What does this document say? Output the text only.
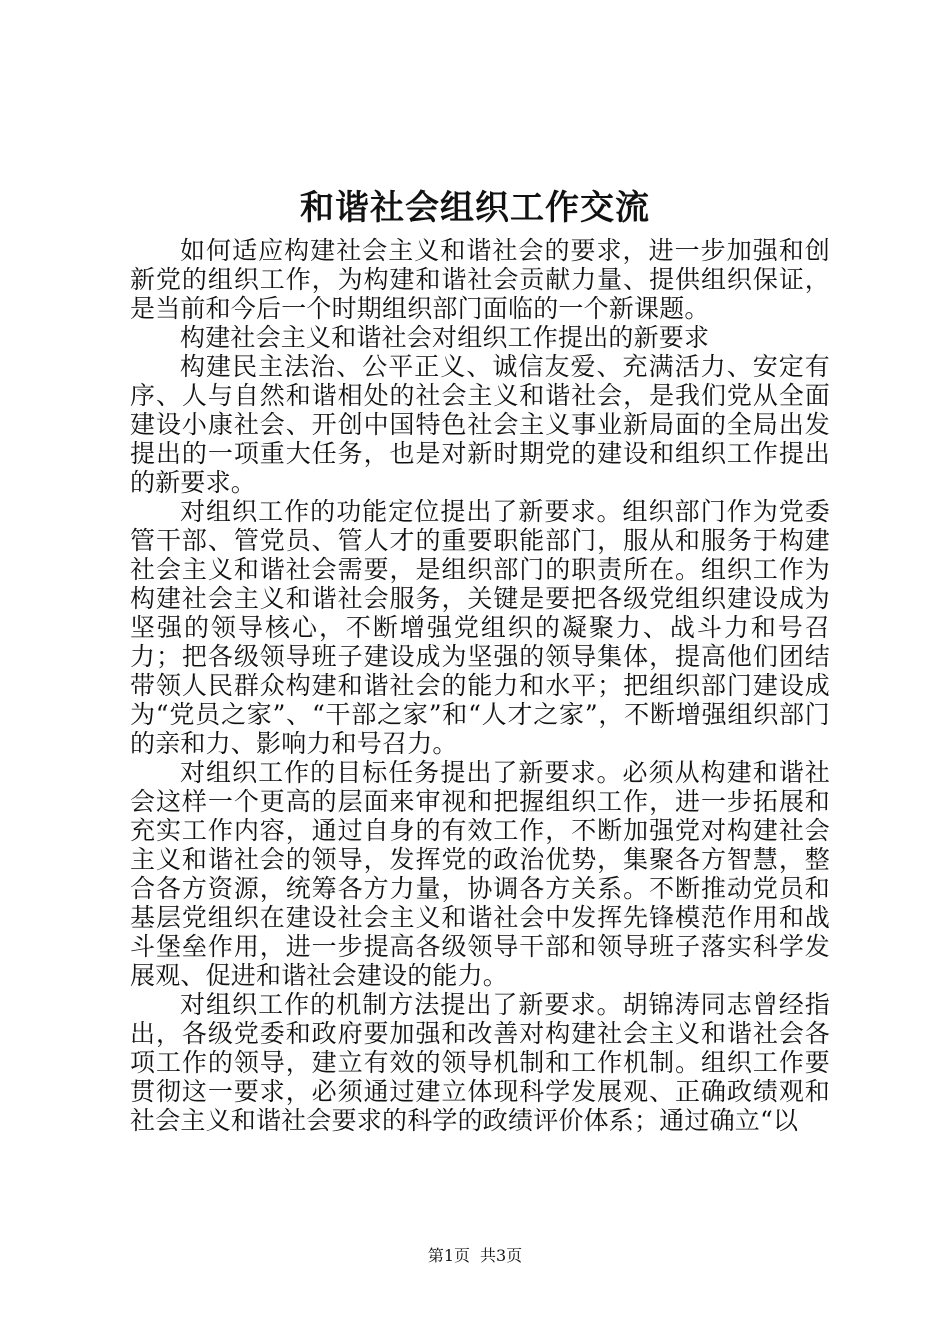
和谐社会组织工作交流

如何适应构建社会主义和谐社会的要求，进一步加强和创新党的组织工作，为构建和谐社会贡献力量、提供组织保证，是当前和今后一个时期组织部门面临的一个新课题。

构建社会主义和谐社会对组织工作提出的新要求

构建民主法治、公平正义、诚信友爱、充满活力、安定有序、人与自然和谐相处的社会主义和谐社会，是我们党从全面建设小康社会、开创中国特色社会主义事业新局面的全局出发提出的一项重大任务，也是对新时期党的建设和组织工作提出的新要求。

对组织工作的功能定位提出了新要求。组织部门作为党委管干部、管党员、管人才的重要职能部门，服从和服务于构建社会主义和谐社会需要，是组织部门的职责所在。组织工作为构建社会主义和谐社会服务，关键是要把各级党组织建设成为坚强的领导核心，不断增强党组织的凝聚力、战斗力和号召力；把各级领导班子建设成为坚强的领导集体，提高他们团结带领人民群众构建和谐社会的能力和水平；把组织部门建设成为“党员之家”、“干部之家”和“人才之家”，不断增强组织部门的亲和力、影响力和号召力。

对组织工作的目标任务提出了新要求。必须从构建和谐社会这样一个更高的层面来审视和把握组织工作，进一步拓展和充实工作内容，通过自身的有效工作，不断加强党对构建社会主义和谐社会的领导，发挥党的政治优势，集聚各方智慧，整合各方资源，统筹各方力量，协调各方关系。不断推动党员和基层党组织在建设社会主义和谐社会中发挥先锋模范作用和战斗堡垒作用，进一步提高各级领导干部和领导班子落实科学发展观、促进和谐社会建设的能力。

对组织工作的机制方法提出了新要求。胡锦涛同志曾经指出，各级党委和政府要加强和改善对构建社会主义和谐社会各项工作的领导，建立有效的领导机制和工作机制。组织工作要贯彻这一要求，必须通过建立体现科学发展观、正确政绩观和社会主义和谐社会要求的科学的政绩评价体系；通过确立“以

第1页 共3页
